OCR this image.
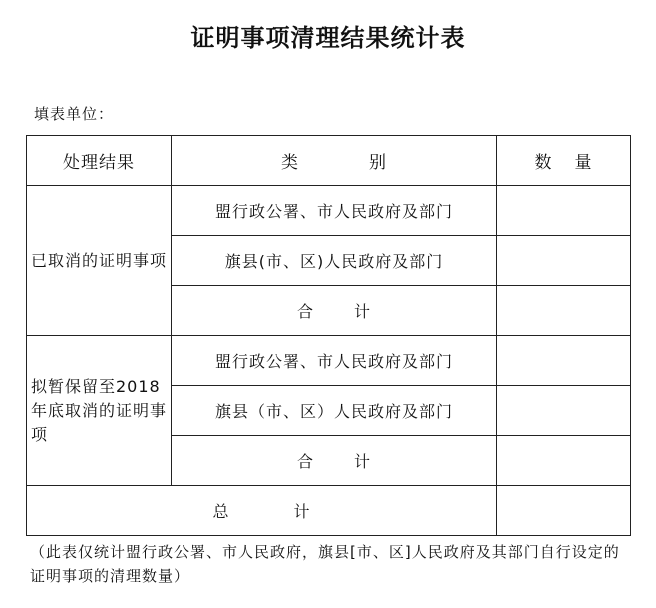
证明事项清理结果统计表
填表单位：
处理结果	类 别	数 量
已取消的证明事项	盟行政公署、市人民政府及部门	
	旗县(市、区)人民政府及部门	
	合 计	
拟暂保留至2018年底取消的证明事项	盟行政公署、市人民政府及部门	
	旗县（市、区）人民政府及部门	
	合 计	
总 计		
（此表仅统计盟行政公署、市人民政府，旗县[市、区]人民政府及其部门自行设定的证明事项的清理数量）
